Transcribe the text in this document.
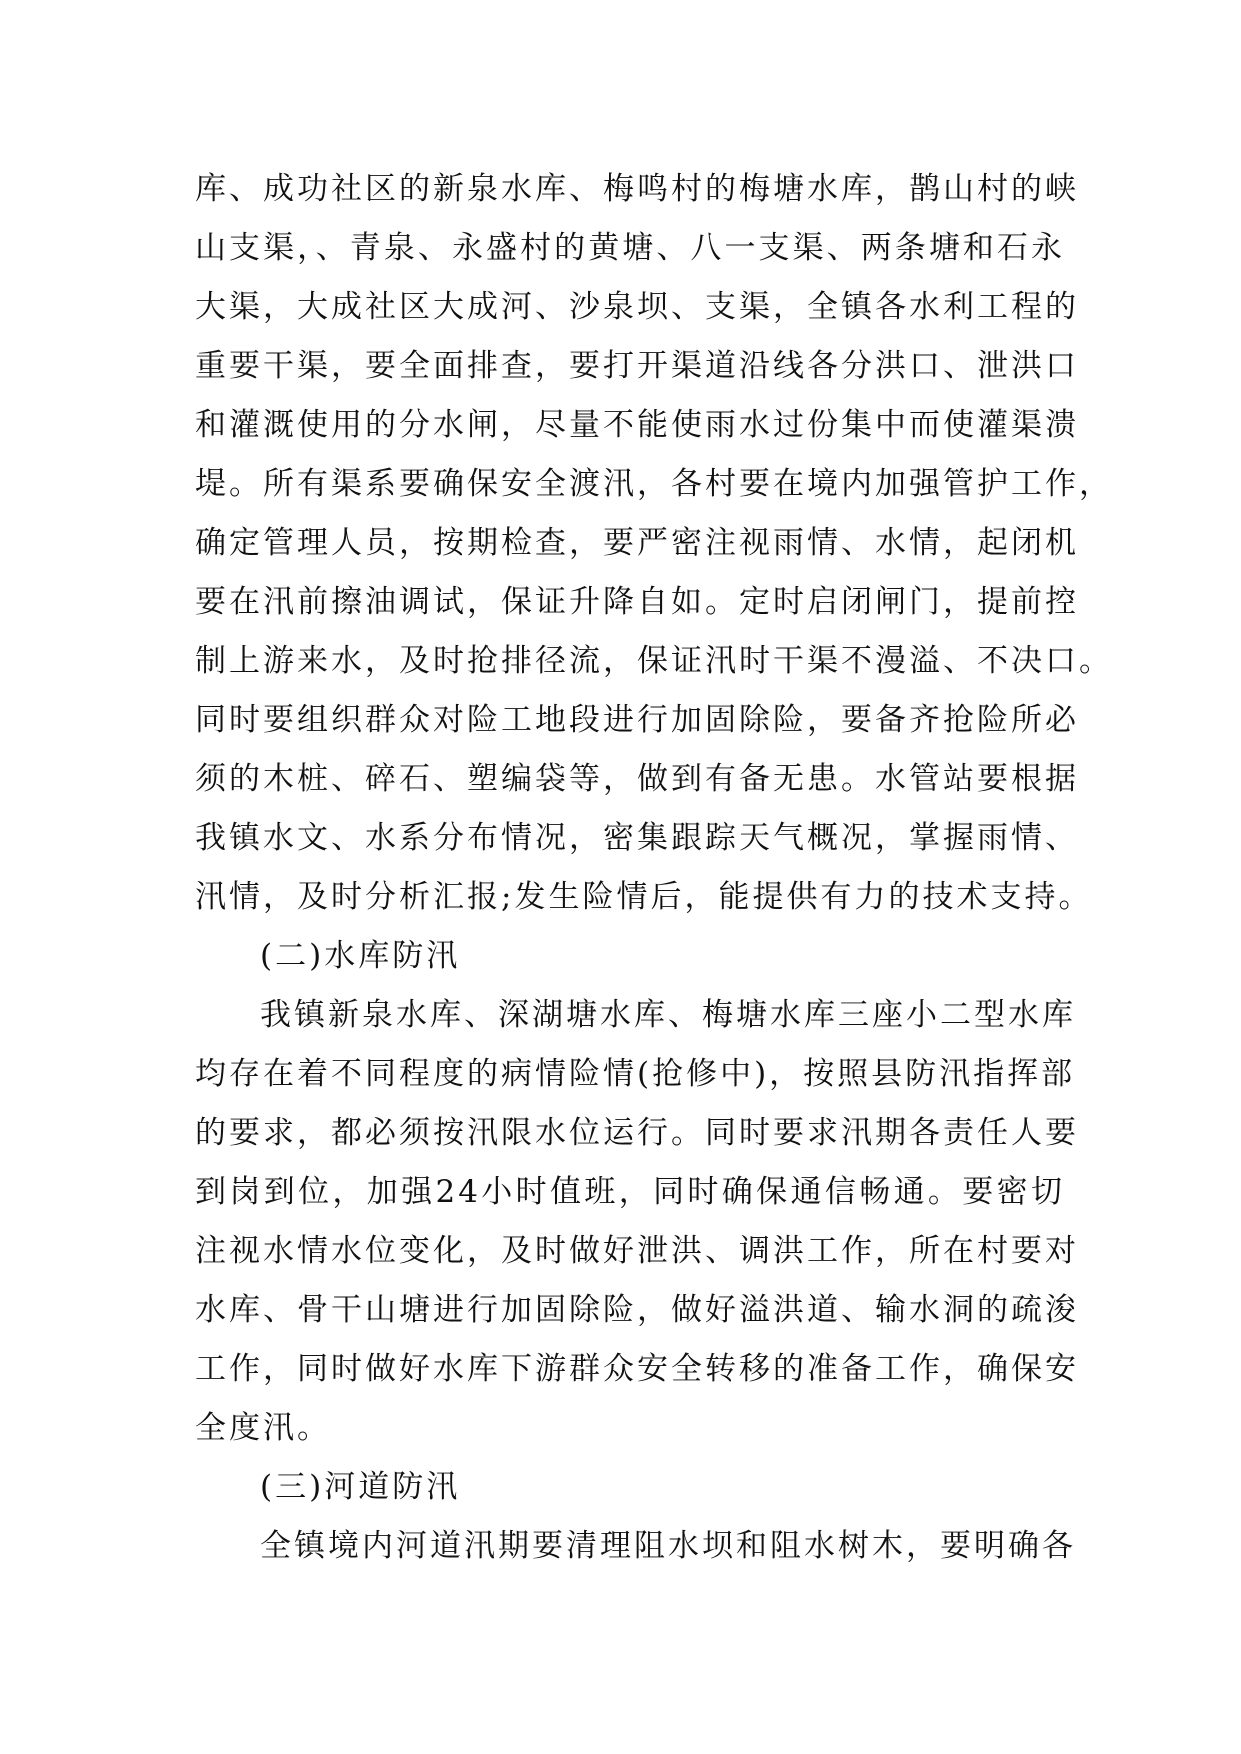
库、成功社区的新泉水库、梅鸣村的梅塘水库，鹊山村的峡
山支渠，、青泉、永盛村的黄塘、八一支渠、两条塘和石永
大渠，大成社区大成河、沙泉坝、支渠，全镇各水利工程的
重要干渠，要全面排查，要打开渠道沿线各分洪口、泄洪口
和灌溉使用的分水闸，尽量不能使雨水过份集中而使灌渠溃
堤。所有渠系要确保安全渡汛，各村要在境内加强管护工作，
确定管理人员，按期检查，要严密注视雨情、水情，起闭机
要在汛前擦油调试，保证升降自如。定时启闭闸门，提前控
制上游来水，及时抢排径流，保证汛时干渠不漫溢、不决口。
同时要组织群众对险工地段进行加固除险，要备齐抢险所必
须的木桩、碎石、塑编袋等，做到有备无患。水管站要根据
我镇水文、水系分布情况，密集跟踪天气概况，掌握雨情、
汛情，及时分析汇报;发生险情后，能提供有力的技术支持。
(二)水库防汛
我镇新泉水库、深湖塘水库、梅塘水库三座小二型水库
均存在着不同程度的病情险情(抢修中)，按照县防汛指挥部
的要求，都必须按汛限水位运行。同时要求汛期各责任人要
到岗到位，加强24小时值班，同时确保通信畅通。要密切
注视水情水位变化，及时做好泄洪、调洪工作，所在村要对
水库、骨干山塘进行加固除险，做好溢洪道、输水洞的疏浚
工作，同时做好水库下游群众安全转移的准备工作，确保安
全度汛。
(三)河道防汛
全镇境内河道汛期要清理阻水坝和阻水树木，要明确各
